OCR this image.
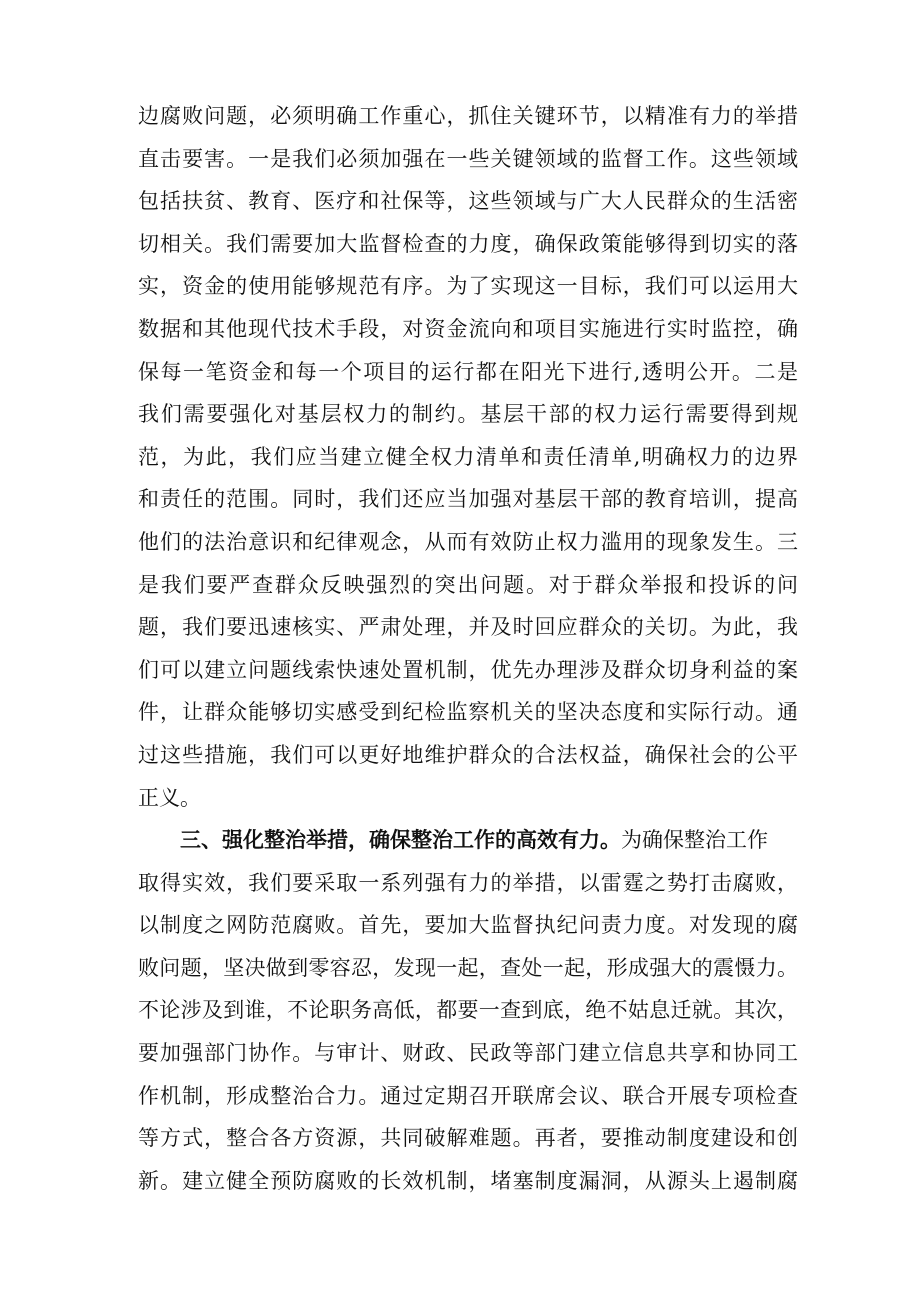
边腐败问题，必须明确工作重心，抓住关键环节，以精准有力的举措
直击要害。一是我们必须加强在一些关键领域的监督工作。这些领域
包括扶贫、教育、医疗和社保等，这些领域与广大人民群众的生活密
切相关。我们需要加大监督检查的力度，确保政策能够得到切实的落
实，资金的使用能够规范有序。为了实现这一目标，我们可以运用大
数据和其他现代技术手段，对资金流向和项目实施进行实时监控，确
保每一笔资金和每一个项目的运行都在阳光下进行,透明公开。二是
我们需要强化对基层权力的制约。基层干部的权力运行需要得到规
范，为此，我们应当建立健全权力清单和责任清单,明确权力的边界
和责任的范围。同时，我们还应当加强对基层干部的教育培训，提高
他们的法治意识和纪律观念，从而有效防止权力滥用的现象发生。三
是我们要严查群众反映强烈的突出问题。对于群众举报和投诉的问
题，我们要迅速核实、严肃处理，并及时回应群众的关切。为此，我
们可以建立问题线索快速处置机制，优先办理涉及群众切身利益的案
件，让群众能够切实感受到纪检监察机关的坚决态度和实际行动。通
过这些措施，我们可以更好地维护群众的合法权益，确保社会的公平
正义。
三、强化整治举措，确保整治工作的高效有力。为确保整治工作
取得实效，我们要采取一系列强有力的举措，以雷霆之势打击腐败，
以制度之网防范腐败。首先，要加大监督执纪问责力度。对发现的腐
败问题，坚决做到零容忍，发现一起，查处一起，形成强大的震慑力。
不论涉及到谁，不论职务高低，都要一查到底，绝不姑息迁就。其次，
要加强部门协作。与审计、财政、民政等部门建立信息共享和协同工
作机制，形成整治合力。通过定期召开联席会议、联合开展专项检查
等方式，整合各方资源，共同破解难题。再者，要推动制度建设和创
新。建立健全预防腐败的长效机制，堵塞制度漏洞，从源头上遏制腐
